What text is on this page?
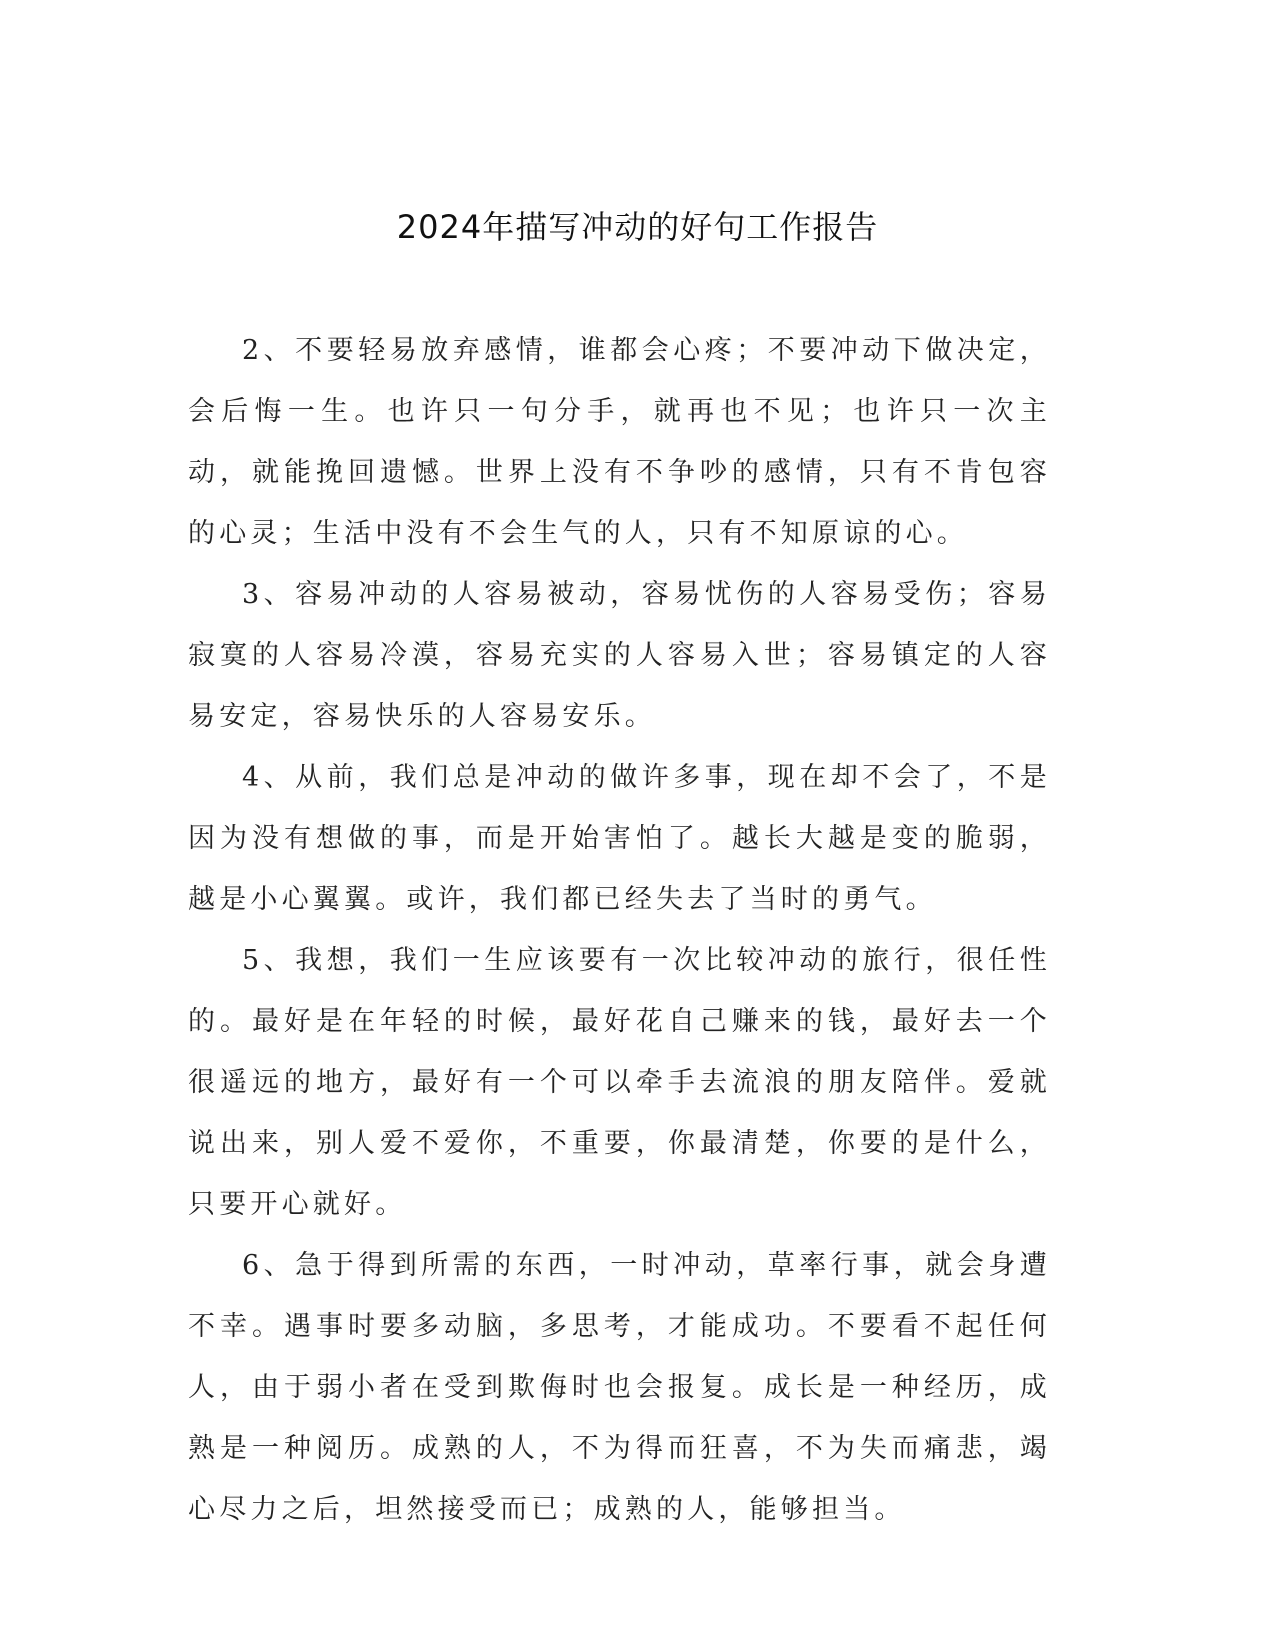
2024年描写冲动的好句工作报告

2、不要轻易放弃感情，谁都会心疼；不要冲动下做决定，会后悔一生。也许只一句分手，就再也不见；也许只一次主动，就能挽回遗憾。世界上没有不争吵的感情，只有不肯包容的心灵；生活中没有不会生气的人，只有不知原谅的心。

3、容易冲动的人容易被动，容易忧伤的人容易受伤；容易寂寞的人容易冷漠，容易充实的人容易入世；容易镇定的人容易安定，容易快乐的人容易安乐。

4、从前，我们总是冲动的做许多事，现在却不会了，不是因为没有想做的事，而是开始害怕了。越长大越是变的脆弱，越是小心翼翼。或许，我们都已经失去了当时的勇气。

5、我想，我们一生应该要有一次比较冲动的旅行，很任性的。最好是在年轻的时候，最好花自己赚来的钱，最好去一个很遥远的地方，最好有一个可以牵手去流浪的朋友陪伴。爱就说出来，别人爱不爱你，不重要，你最清楚，你要的是什么，只要开心就好。

6、急于得到所需的东西，一时冲动，草率行事，就会身遭不幸。遇事时要多动脑，多思考，才能成功。不要看不起任何人，由于弱小者在受到欺侮时也会报复。成长是一种经历，成熟是一种阅历。成熟的人，不为得而狂喜，不为失而痛悲，竭心尽力之后，坦然接受而已；成熟的人，能够担当。
